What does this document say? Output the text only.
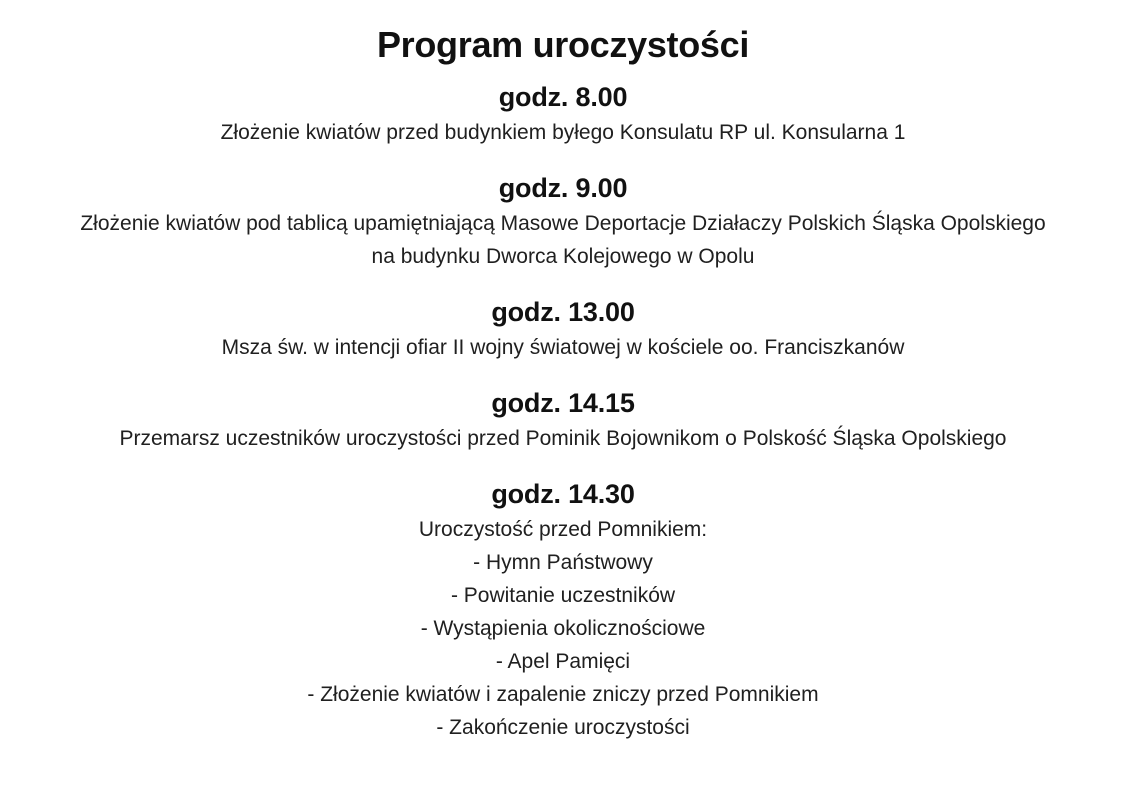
Program uroczystości
godz. 8.00

Złożenie kwiatów przed budynkiem byłego Konsulatu RP ul. Konsularna 1

godz. 9.00

Złożenie kwiatów pod tablicą upamiętniającą Masowe Deportacje Działaczy Polskich Śląska Opolskiego

na budynku Dworca Kolejowego w Opolu

godz. 13.00

Msza św. w intencji ofiar II wojny światowej w kościele oo. Franciszkanów

godz. 14.15

Przemarsz uczestników uroczystości przed Pominik Bojownikom o Polskość Śląska Opolskiego

godz. 14.30

Uroczystość przed Pomnikiem:

- Hymn Państwowy

- Powitanie uczestników

- Wystąpienia okolicznościowe

- Apel Pamięci

- Złożenie kwiatów i zapalenie zniczy przed Pomnikiem

- Zakończenie uroczystości
